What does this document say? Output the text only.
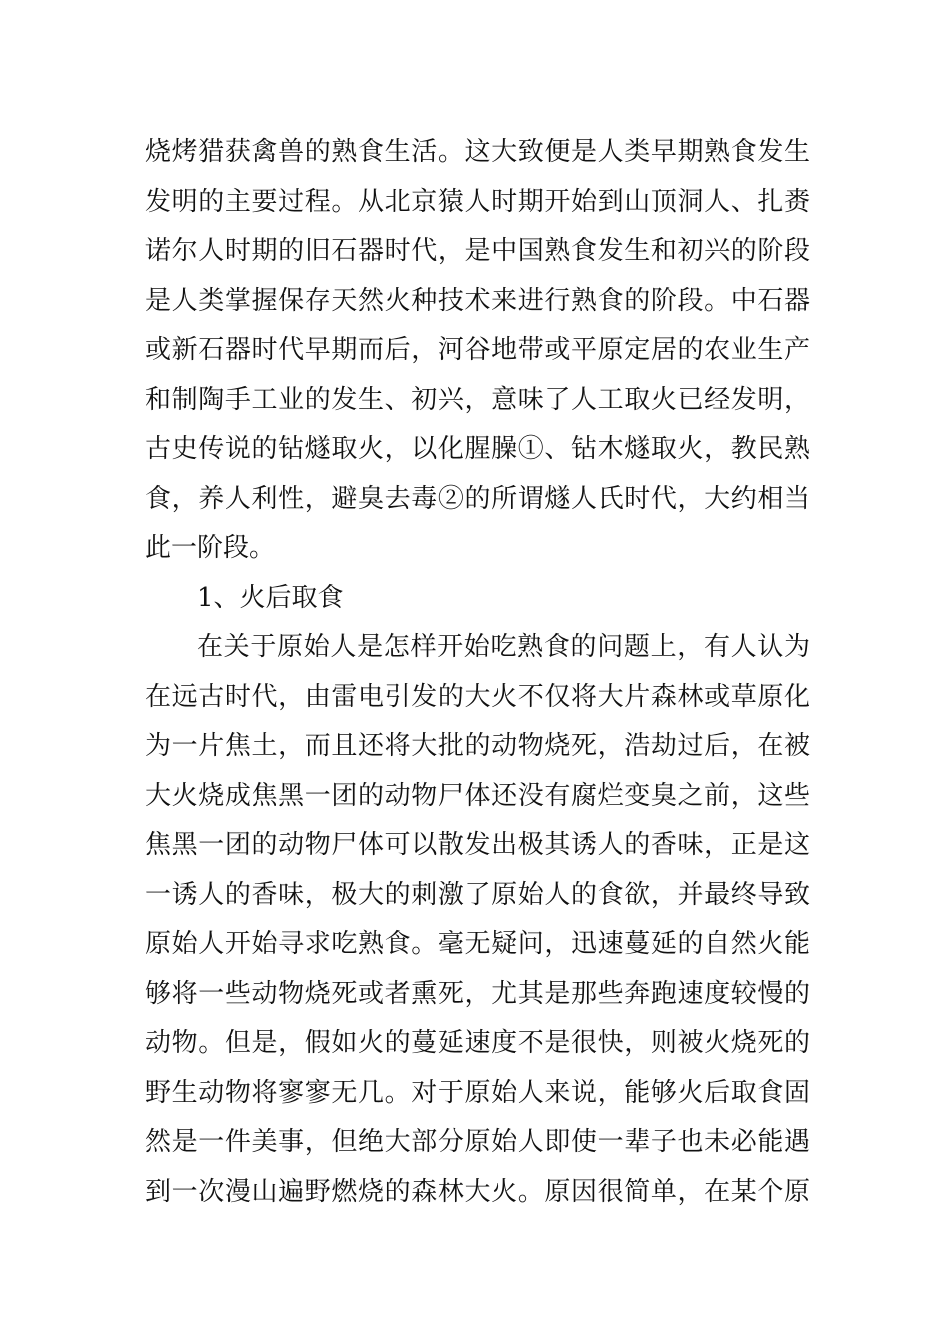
烧烤猎获禽兽的熟食生活。这大致便是人类早期熟食发生
发明的主要过程。从北京猿人时期开始到山顶洞人、扎赉
诺尔人时期的旧石器时代，是中国熟食发生和初兴的阶段
是人类掌握保存天然火种技术来进行熟食的阶段。中石器
或新石器时代早期而后，河谷地带或平原定居的农业生产
和制陶手工业的发生、初兴，意味了人工取火已经发明，
古史传说的钻燧取火，以化腥臊①、钻木燧取火，教民熟
食，养人利性，避臭去毒②的所谓燧人氏时代，大约相当
此一阶段。
1、火后取食
在关于原始人是怎样开始吃熟食的问题上，有人认为
在远古时代，由雷电引发的大火不仅将大片森林或草原化
为一片焦土，而且还将大批的动物烧死，浩劫过后，在被
大火烧成焦黑一团的动物尸体还没有腐烂变臭之前，这些
焦黑一团的动物尸体可以散发出极其诱人的香味，正是这
一诱人的香味，极大的刺激了原始人的食欲，并最终导致
原始人开始寻求吃熟食。毫无疑问，迅速蔓延的自然火能
够将一些动物烧死或者熏死，尤其是那些奔跑速度较慢的
动物。但是，假如火的蔓延速度不是很快，则被火烧死的
野生动物将寥寥无几。对于原始人来说，能够火后取食固
然是一件美事，但绝大部分原始人即使一辈子也未必能遇
到一次漫山遍野燃烧的森林大火。原因很简单，在某个原
